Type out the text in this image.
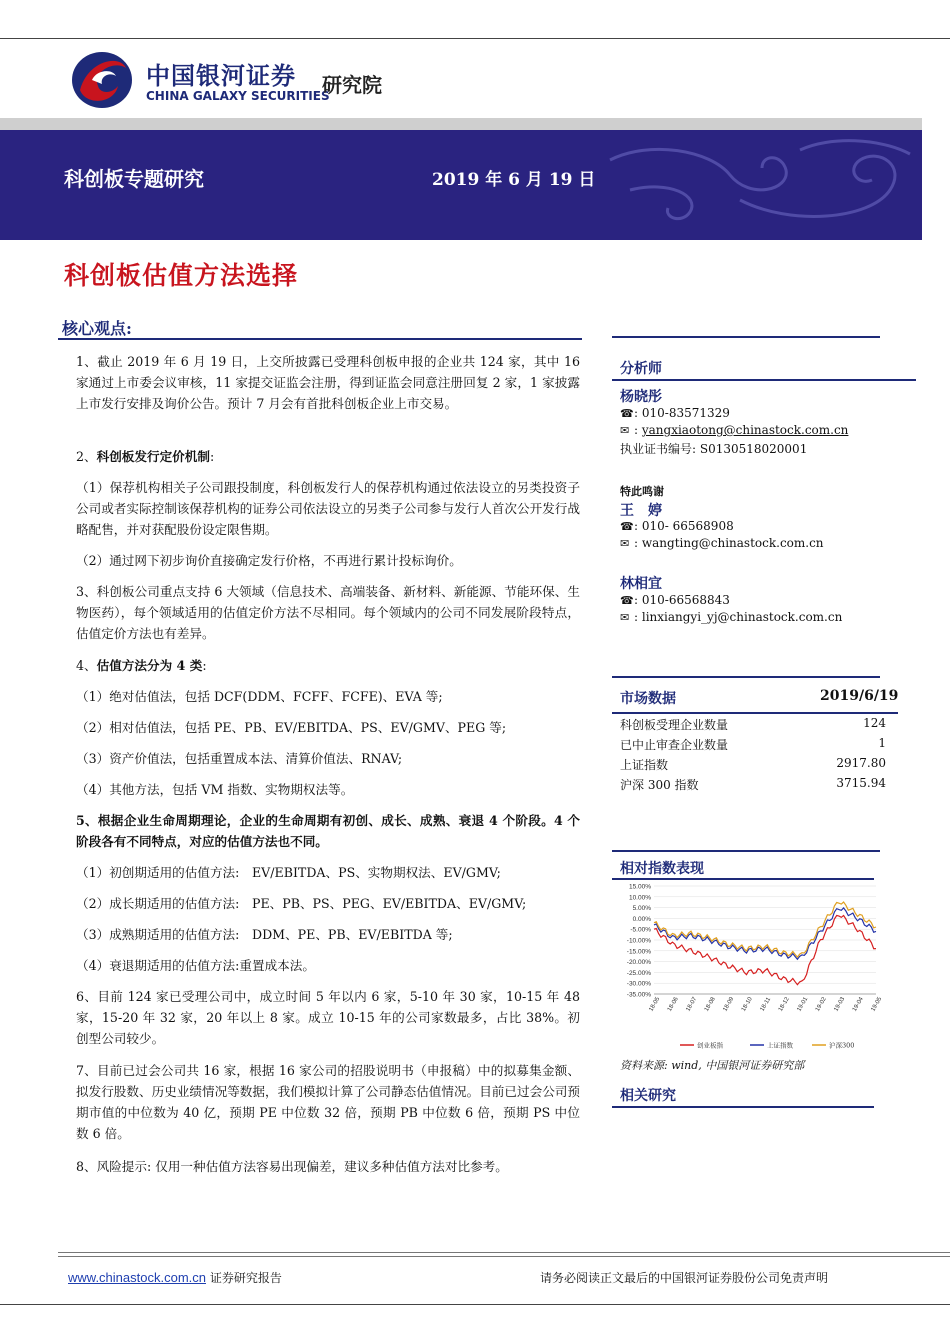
中国银河证券
CHINA GALAXY SECURITIES
研究院
科创板专题研究	2019 年 6 月 19 日
科创板估值方法选择
核心观点:
1、截止 2019 年 6 月 19 日，上交所披露已受理科创板申报的企业共 124 家，其中 16 家通过上市委会议审核，11 家提交证监会注册，得到证监会同意注册回复 2 家，1 家披露上市发行安排及询价公告。预计 7 月会有首批科创板企业上市交易。
2、科创板发行定价机制:
（1）保荐机构相关子公司跟投制度，科创板发行人的保荐机构通过依法设立的另类投资子公司或者实际控制该保荐机构的证券公司依法设立的另类子公司参与发行人首次公开发行战略配售，并对获配股份设定限售期。
（2）通过网下初步询价直接确定发行价格，不再进行累计投标询价。
3、科创板公司重点支持 6 大领域（信息技术、高端装备、新材料、新能源、节能环保、生物医药），每个领域适用的估值定价方法不尽相同。每个领域内的公司不同发展阶段特点，估值定价方法也有差异。
4、估值方法分为 4 类:
（1）绝对估值法，包括 DCF(DDM、FCFF、FCFE)、EVA 等;
（2）相对估值法，包括 PE、PB、EV/EBITDA、PS、EV/GMV、PEG 等;
（3）资产价值法，包括重置成本法、清算价值法、RNAV;
（4）其他方法，包括 VM 指数、实物期权法等。
5、根据企业生命周期理论，企业的生命周期有初创、成长、成熟、衰退 4 个阶段。4 个阶段各有不同特点，对应的估值方法也不同。
（1）初创期适用的估值方法:　EV/EBITDA、PS、实物期权法、EV/GMV;
（2）成长期适用的估值方法:　PE、PB、PS、PEG、EV/EBITDA、EV/GMV;
（3）成熟期适用的估值方法:　DDM、PE、PB、EV/EBITDA 等;
（4）衰退期适用的估值方法:重置成本法。
6、目前 124 家已受理公司中，成立时间 5 年以内 6 家，5-10 年 30 家，10-15 年 48 家，15-20 年 32 家，20 年以上 8 家。成立 10-15 年的公司家数最多，占比 38%。初创型公司较少。
7、目前已过会公司共 16 家，根据 16 家公司的招股说明书（申报稿）中的拟募集金额、拟发行股数、历史业绩情况等数据，我们模拟计算了公司静态估值情况。目前已过会公司预期市值的中位数为 40 亿，预期 PE 中位数 32 倍，预期 PB 中位数 6 倍，预期 PS 中位数 6 倍。
8、风险提示: 仅用一种估值方法容易出现偏差，建议多种估值方法对比参考。
分析师
杨晓彤
☎: 010-83571329
✉ : yangxiaotong@chinastock.com.cn
执业证书编号: S0130518020001
特此鸣谢
王　婷
☎: 010- 66568908
✉ : wangting@chinastock.com.cn
林相宜
☎: 010-66568843
✉ : linxiangyi_yj@chinastock.com.cn
市场数据	2019/6/19
科创板受理企业数量	124
已中止审查企业数量	1
上证指数	2917.80
沪深 300 指数	3715.94
相对指数表现
15.00%
10.00%
5.00%
0.00%
-5.00%
-10.00%
-15.00%
-20.00%
-25.00%
-30.00%
-35.00%
18-05 18-06 18-07 18-08 18-09 18-10 18-11 18-12 19-01 19-02 19-03 19-04 19-05
创业板指	上证指数	沪深300
资料来源: wind, 中国银河证券研究部
相关研究
www.chinastock.com.cn 证券研究报告	请务必阅读正文最后的中国银河证券股份公司免责声明
